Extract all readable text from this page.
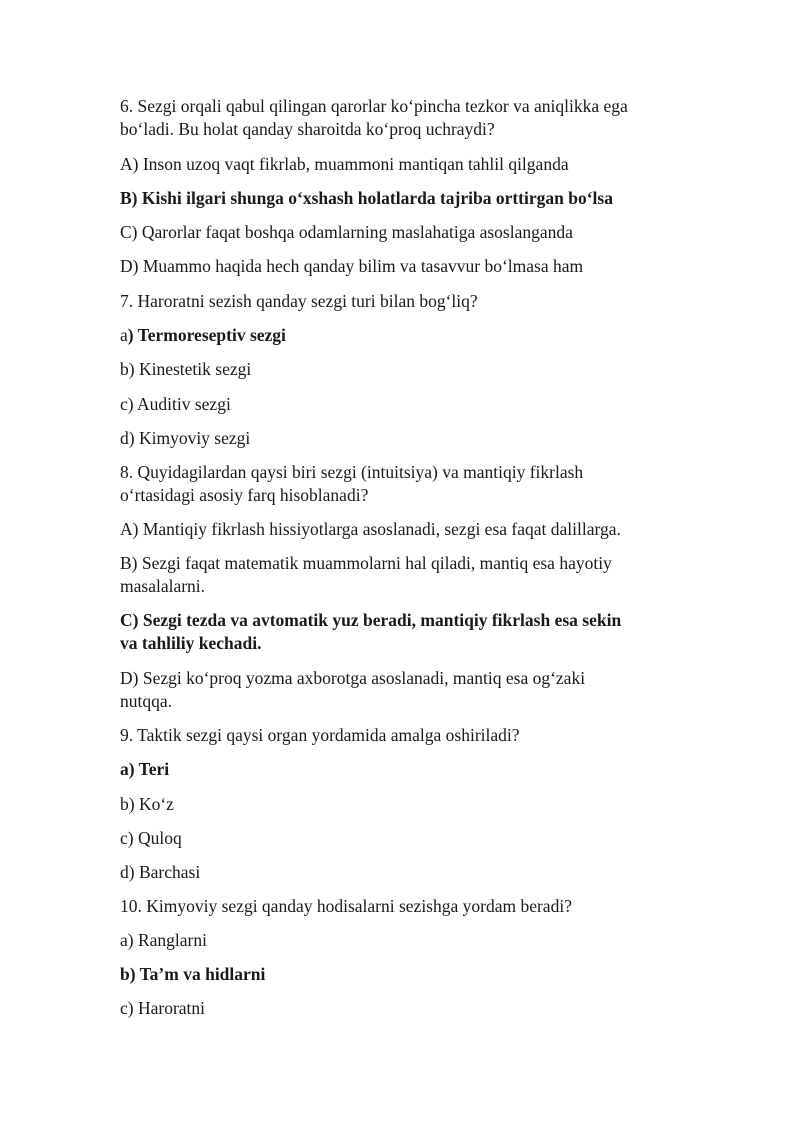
6. Sezgi orqali qabul qilingan qarorlar ko‘pincha tezkor va aniqlikka ega
bo‘ladi. Bu holat qanday sharoitda ko‘proq uchraydi?
A) Inson uzoq vaqt fikrlab, muammoni mantiqan tahlil qilganda
B) Kishi ilgari shunga o‘xshash holatlarda tajriba orttirgan bo‘lsa
C) Qarorlar faqat boshqa odamlarning maslahatiga asoslanganda
D) Muammo haqida hech qanday bilim va tasavvur bo‘lmasa ham
7. Haroratni sezish qanday sezgi turi bilan bog‘liq?
a) Termoreseptiv sezgi
b) Kinestetik sezgi
c) Auditiv sezgi
d) Kimyoviy sezgi
8. Quyidagilardan qaysi biri sezgi (intuitsiya) va mantiqiy fikrlash
o‘rtasidagi asosiy farq hisoblanadi?
A) Mantiqiy fikrlash hissiyotlarga asoslanadi, sezgi esa faqat dalillarga.
B) Sezgi faqat matematik muammolarni hal qiladi, mantiq esa hayotiy
masalalarni.
C) Sezgi tezda va avtomatik yuz beradi, mantiqiy fikrlash esa sekin
va tahliliy kechadi.
D) Sezgi ko‘proq yozma axborotga asoslanadi, mantiq esa og‘zaki
nutqqa.
9. Taktik sezgi qaysi organ yordamida amalga oshiriladi?
a) Teri
b) Ko‘z
c) Quloq
d) Barchasi
10. Kimyoviy sezgi qanday hodisalarni sezishga yordam beradi?
a) Ranglarni
b) Ta’m va hidlarni
c) Haroratni
